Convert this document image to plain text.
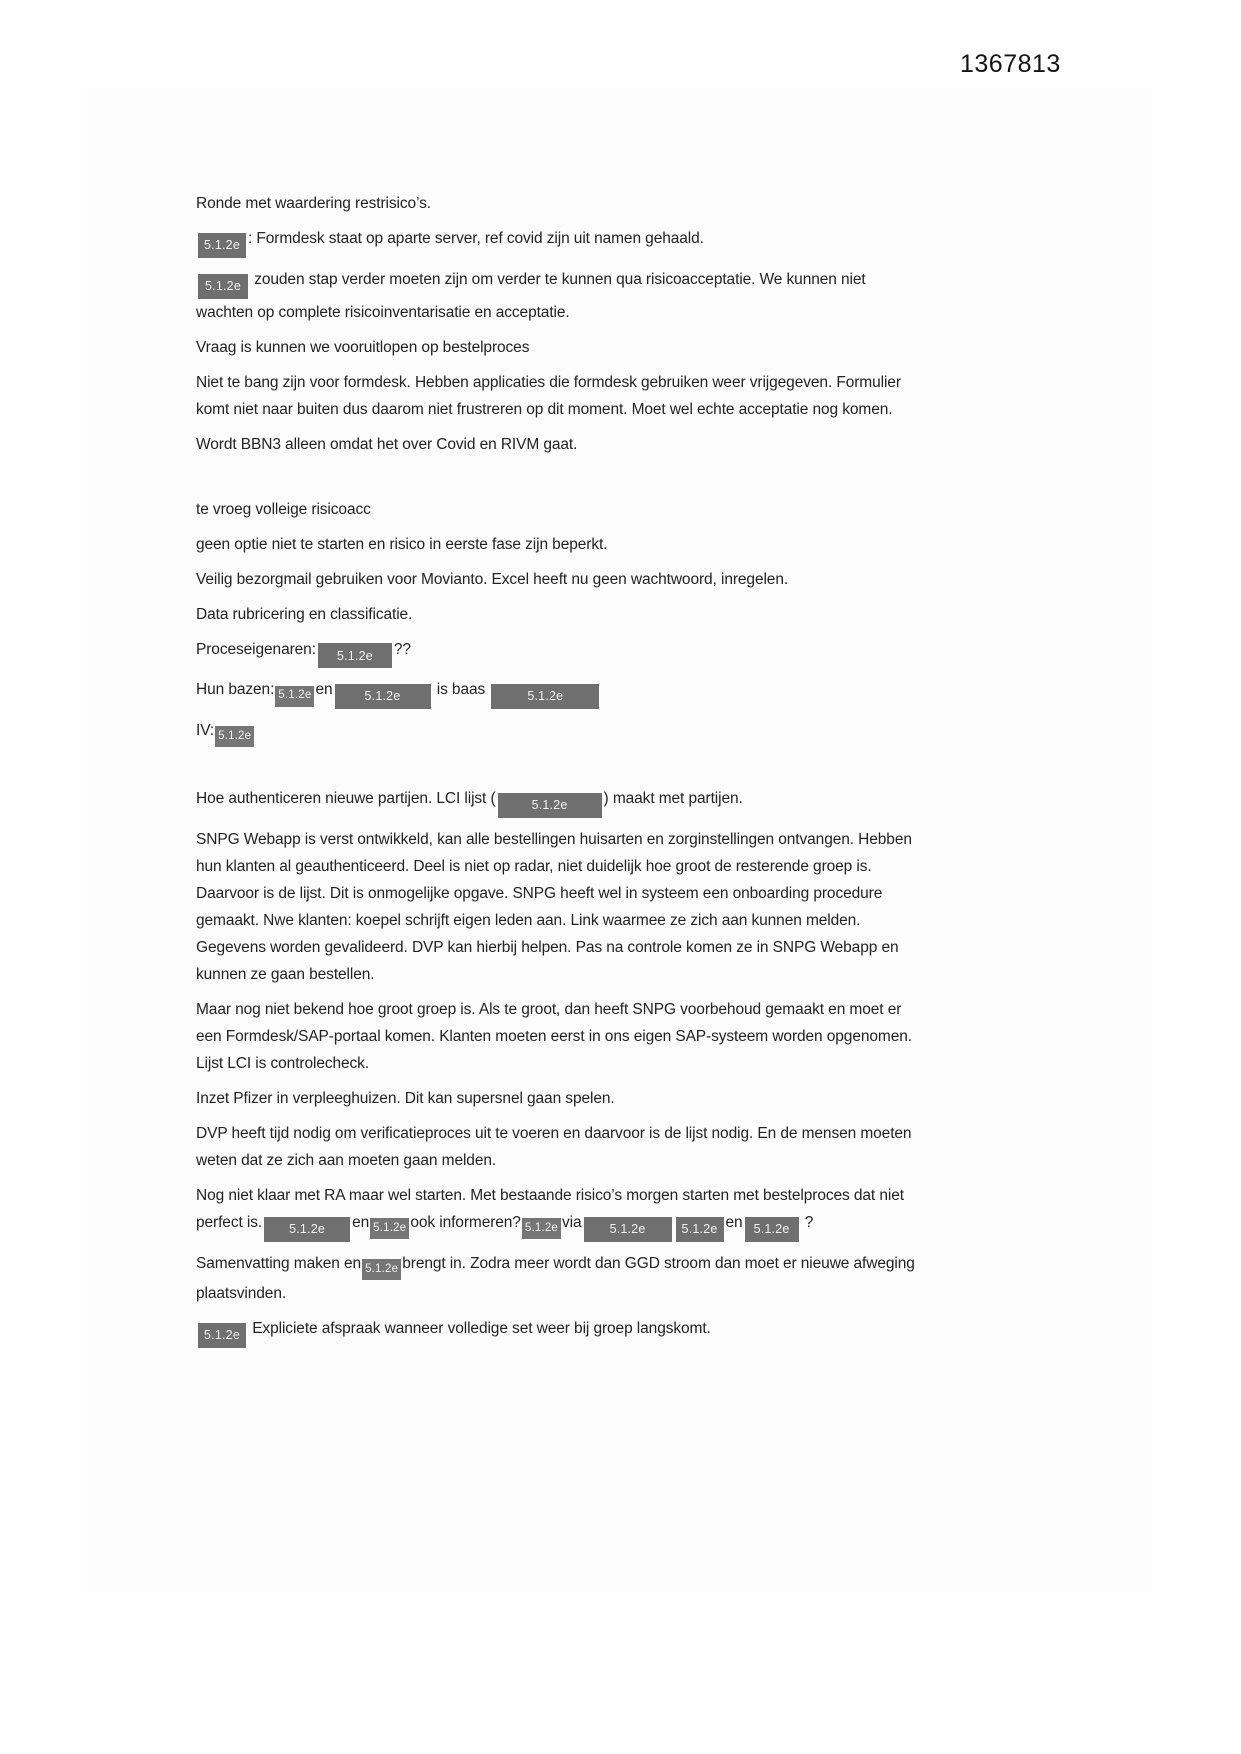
1367813

Ronde met waardering restrisico’s.

5.1.2e : Formdesk staat op aparte server, ref covid zijn uit namen gehaald.

5.1.2e zouden stap verder moeten zijn om verder te kunnen qua risicoacceptatie. We kunnen niet wachten op complete risicoinventarisatie en acceptatie.

Vraag is kunnen we vooruitlopen op bestelproces

Niet te bang zijn voor formdesk. Hebben applicaties die formdesk gebruiken weer vrijgegeven. Formulier komt niet naar buiten dus daarom niet frustreren op dit moment. Moet wel echte acceptatie nog komen.

Wordt BBN3 alleen omdat het over Covid en RIVM gaat.

te vroeg volleige risicoacc

geen optie niet te starten en risico in eerste fase zijn beperkt.

Veilig bezorgmail gebruiken voor Movianto. Excel heeft nu geen wachtwoord, inregelen.

Data rubricering en classificatie.

Proceseigenaren: 5.1.2e ??

Hun bazen: 5.1.2e en	5.1.2e is baas	5.1.2e

IV: 5.1.2e

Hoe authenticeren nieuwe partijen. LCI lijst (	5.1.2e ) maakt met partijen.

SNPG Webapp is verst ontwikkeld, kan alle bestellingen huisarten en zorginstellingen ontvangen. Hebben hun klanten al geauthenticeerd. Deel is niet op radar, niet duidelijk hoe groot de resterende groep is. Daarvoor is de lijst. Dit is onmogelijke opgave. SNPG heeft wel in systeem een onboarding procedure gemaakt. Nwe klanten: koepel schrijft eigen leden aan. Link waarmee ze zich aan kunnen melden. Gegevens worden gevalideerd. DVP kan hierbij helpen. Pas na controle komen ze in SNPG Webapp en kunnen ze gaan bestellen.

Maar nog niet bekend hoe groot groep is. Als te groot, dan heeft SNPG voorbehoud gemaakt en moet er een Formdesk/SAP-portaal komen. Klanten moeten eerst in ons eigen SAP-systeem worden opgenomen. Lijst LCI is controlecheck.

Inzet Pfizer in verpleeghuizen. Dit kan supersnel gaan spelen.

DVP heeft tijd nodig om verificatieproces uit te voeren en daarvoor is de lijst nodig. En de mensen moeten weten dat ze zich aan moeten gaan melden.

Nog niet klaar met RA maar wel starten. Met bestaande risico’s morgen starten met bestelproces dat niet perfect is. 5.1.2e en 5.1.2e ook informeren? 5.1.2e via 5.1.2e	5.1.2e en 5.1.2e ?

Samenvatting maken en 5.1.2e brengt in. Zodra meer wordt dan GGD stroom dan moet er nieuwe afweging plaatsvinden.

5.1.2e Expliciete afspraak wanneer volledige set weer bij groep langskomt.
